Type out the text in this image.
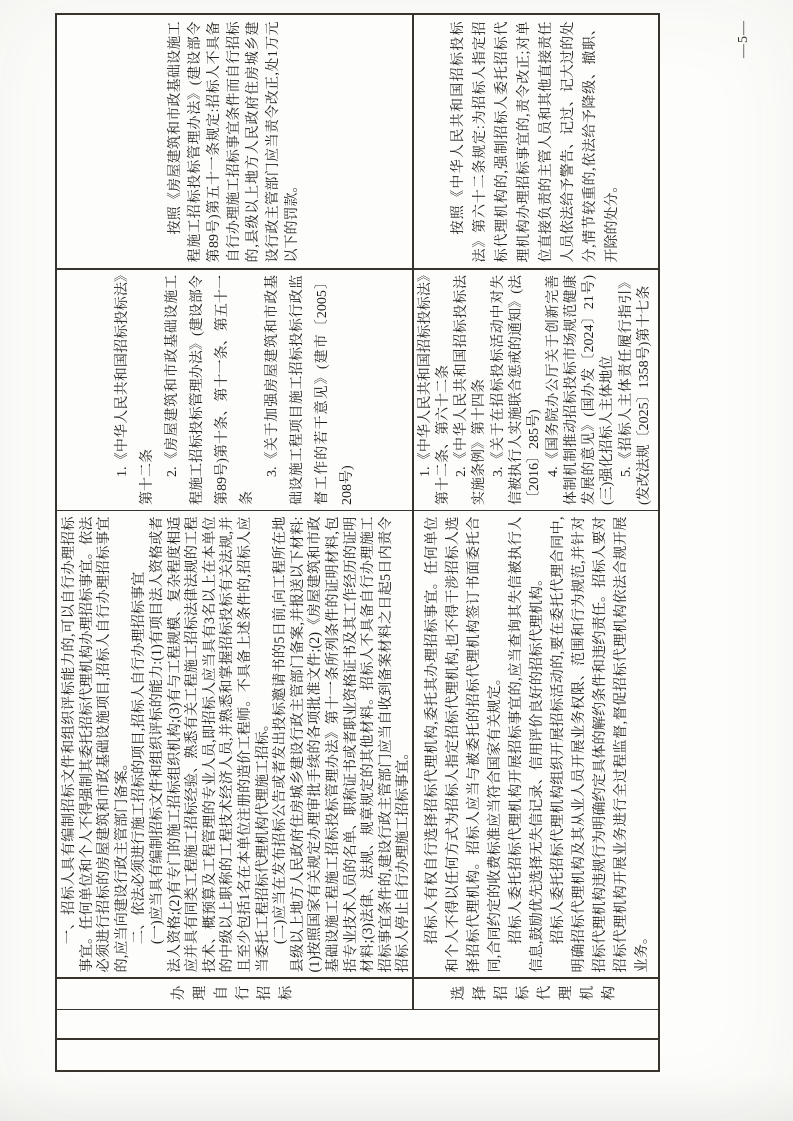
办理自行招标

一、招标人具有编制招标文件和组织评标能力的,可以自行办理招标事宜。任何单位和个人不得强制其委托招标代理机构办理招标事宜。依法必须进行招标的房屋建筑和市政基础设施项目,招标人自行办理招标事宜的,应当向建设行政主管部门备案。 二、依法必须进行施工招标的项目,招标人自行办理招标事宜 (一)应当具有编制招标文件和组织评标的能力:(1)有项目法人资格或者法人资格;(2)有专门的施工招标组织机构;(3)有与工程规模、复杂程度相适应并具有同类工程施工招标经验、熟悉有关工程施工招标法律法规的工程技术、概预算及工程管理的专业人员,即招标人应当具有3名以上在本单位的中级以上职称的工程技术经济人员,并熟悉和掌握招标投标有关法规,并且至少包括1名在本单位注册的造价工程师。不具备上述条件的,招标人应当委托工程招标代理机构代理施工招标。 (二)应当在发布招标公告或者发出投标邀请书的5日前,向工程所在地县级以上地方人民政府住房城乡建设行政主管部门备案,并报送以下材料:(1)按照国家有关规定办理审批手续的各项批准文件;(2)《房屋建筑和市政基础设施工程施工招标投标管理办法》第十一条所列条件的证明材料,包括专业技术人员的名单、职称证书或者职业资格证书及其工作经历的证明材料;(3)法律、法规、规章规定的其他材料。招标人不具备自行办理施工招标事宜条件的,建设行政主管部门应当自收到备案材料之日起5日内责令招标人停止自行办理施工招标事宜。

1.《中华人民共和国招标投标法》第十二条 2.《房屋建筑和市政基础设施工程施工招标投标管理办法》(建设部令第89号)第十条、第十一条、第五十一条

3.《关于加强房屋建筑和市政基础设施工程项目施工招标投标行政监督工作的若干意见》(建市〔2005〕208号)

按照《房屋建筑和市政基础设施工程施工招标投标管理办法》(建设部令第89号)第五十一条规定:招标人不具备自行办理施工招标事宜条件而自行招标的,县级以上地方人民政府住房城乡建设行政主管部门应当责令改正,处1万元以下的罚款。

选择招标代理机构

招标人有权自行选择招标代理机构,委托其办理招标事宜。任何单位和个人不得以任何方式为招标人指定招标代理机构,也不得干涉招标人选择招标代理机构。招标人应当与被委托的招标代理机构签订书面委托合同,合同约定的收费标准应当符合国家有关规定。 招标人委托招标代理机构开展招标事宜的,应当查询其失信被执行人信息,鼓励优先选择无失信记录、信用评价良好的招标代理机构。 招标人委托招标代理机构组织开展招标活动的,要在委托代理合同中,明确招标代理机构及其从业人员开展业务权限、范围和行为规范,并针对招标代理机构违规行为明确约定具体的解约条件和违约责任。招标人要对招标代理机构开展业务进行全过程监督,督促招标代理机构依法合规开展业务。

1.《中华人民共和国招标投标法》第十二条、第六十二条 2.《中华人民共和国招标投标法实施条例》第十四条 3.《关于在招标投标活动中对失信被执行人实施联合惩戒的通知》(法〔2016〕285号) 4.《国务院办公厅关于创新完善体制机制推动招标投标市场规范健康发展的意见》(国办发〔2024〕21号)(三)强化招标人主体地位 5.《招标人主体责任履行指引》(发改法规〔2025〕1358号)第十七条

按照《中华人民共和国招标投标法》第六十二条规定:为招标人指定招标代理机构的,强制招标人委托招标代理机构办理招标事宜的,责令改正;对单位直接负责的主管人员和其他直接责任人员依法给予警告、记过、记大过的处分,情节较重的,依法给予降级、撤职、开除的处分。

—5—
